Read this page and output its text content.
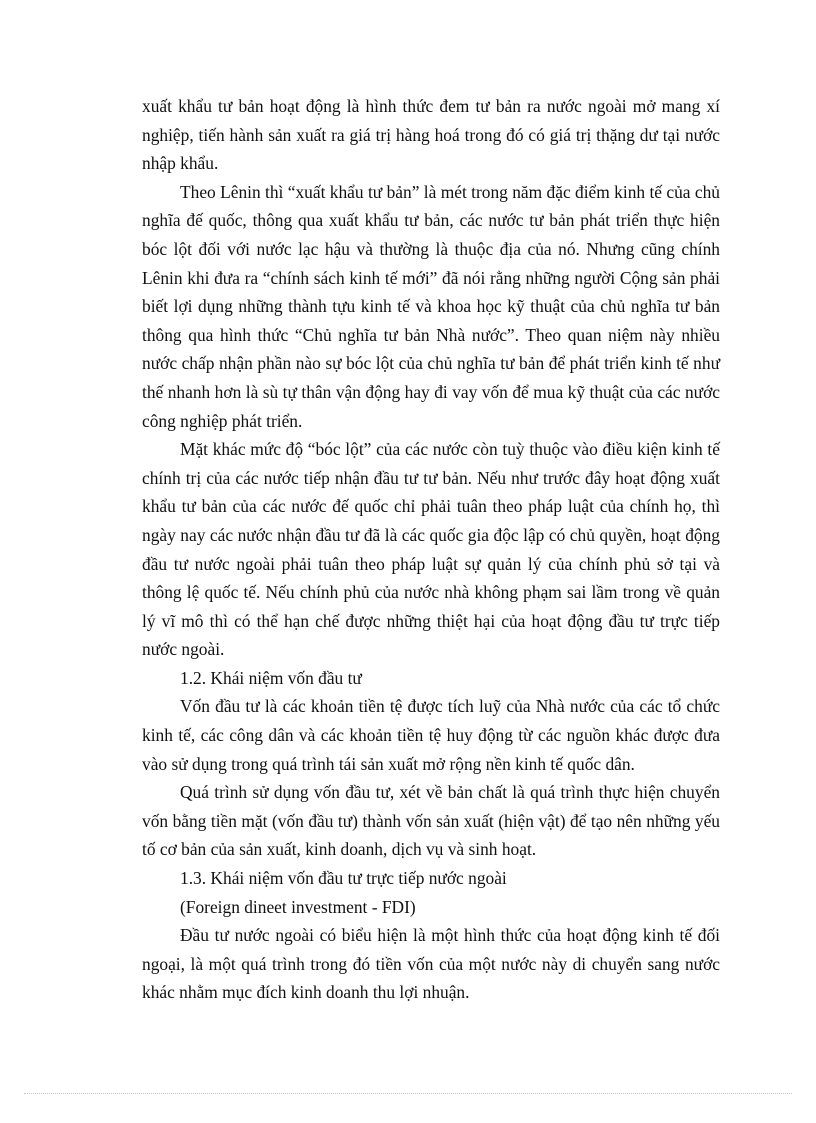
xuất khẩu tư bản hoạt động là hình thức đem tư bản ra nước ngoài mở mang xí nghiệp, tiến hành sản xuất ra giá trị hàng hoá trong đó có giá trị thặng dư tại nước nhập khẩu.

Theo Lênin thì “xuất khẩu tư bản” là mét trong năm đặc điểm kinh tế của chủ nghĩa đế quốc, thông qua xuất khẩu tư bản, các nước tư bản phát triển thực hiện bóc lột đối với nước lạc hậu và thường là thuộc địa của nó. Nhưng cũng chính Lênin khi đưa ra “chính sách kinh tế mới” đã nói rằng những người Cộng sản phải biết lợi dụng những thành tựu kinh tế và khoa học kỹ thuật của chủ nghĩa tư bản thông qua hình thức “Chủ nghĩa tư bản Nhà nước”. Theo quan niệm này nhiều nước chấp nhận phần nào sự bóc lột của chủ nghĩa tư bản để phát triển kinh tế như thế nhanh hơn là sù tự thân vận động hay đi vay vốn để mua kỹ thuật của các nước công nghiệp phát triển.

Mặt khác mức độ “bóc lột” của các nước còn tuỳ thuộc vào điều kiện kinh tế chính trị của các nước tiếp nhận đầu tư tư bản. Nếu như trước đây hoạt động xuất khẩu tư bản của các nước đế quốc chỉ phải tuân theo pháp luật của chính họ, thì ngày nay các nước nhận đầu tư đã là các quốc gia độc lập có chủ quyền, hoạt động đầu tư nước ngoài phải tuân theo pháp luật sự quản lý của chính phủ sở tại và thông lệ quốc tế. Nếu chính phủ của nước nhà không phạm sai lầm trong về quản lý vĩ mô thì có thể hạn chế được những thiệt hại của hoạt động đầu tư trực tiếp nước ngoài.

1.2. Khái niệm vốn đầu tư

Vốn đầu tư là các khoản tiền tệ được tích luỹ của Nhà nước của các tổ chức kinh tế, các công dân và các khoản tiền tệ huy động từ các nguồn khác được đưa vào sử dụng trong quá trình tái sản xuất mở rộng nền kinh tế quốc dân.

Quá trình sử dụng vốn đầu tư, xét về bản chất là quá trình thực hiện chuyển vốn bằng tiền mặt (vốn đầu tư) thành vốn sản xuất (hiện vật) để tạo nên những yếu tố cơ bản của sản xuất, kinh doanh, dịch vụ và sinh hoạt.

1.3. Khái niệm vốn đầu tư trực tiếp nước ngoài

(Foreign dineet investment - FDI)

Đầu tư nước ngoài có biểu hiện là một hình thức của hoạt động kinh tế đối ngoại, là một quá trình trong đó tiền vốn của một nước này di chuyển sang nước khác nhằm mục đích kinh doanh thu lợi nhuận.
